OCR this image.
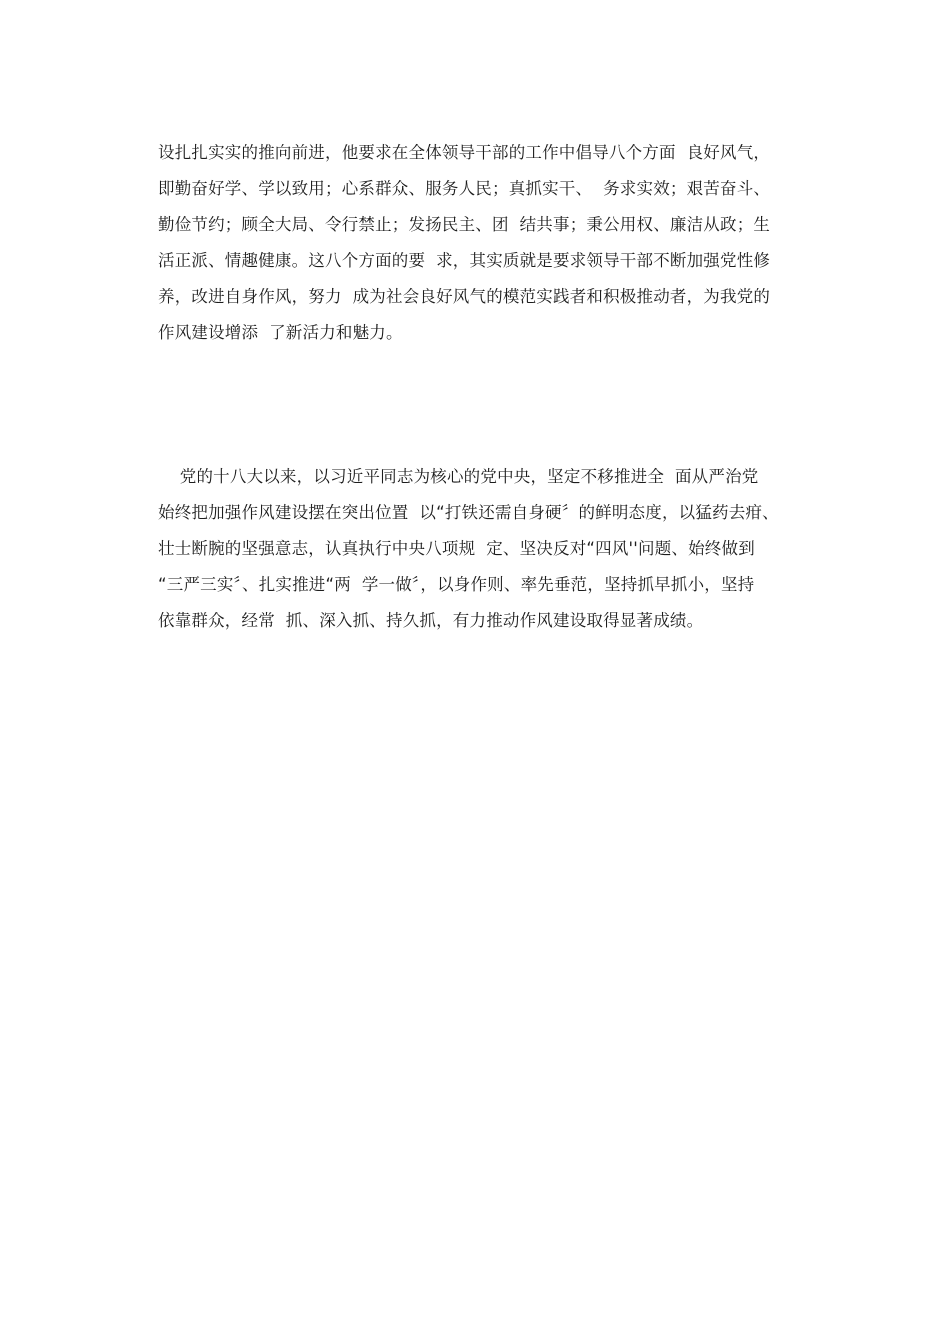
设扎扎实实的推向前进，他要求在全体领导干部的工作中倡导八个方面  良好风气，
即勤奋好学、学以致用；心系群众、服务人民；真抓实干、  务求实效；艰苦奋斗、
勤俭节约；顾全大局、令行禁止；发扬民主、团  结共事；秉公用权、廉洁从政；生
活正派、情趣健康。这八个方面的要  求，其实质就是要求领导干部不断加强党性修
养，改进自身作风，努力  成为社会良好风气的模范实践者和积极推动者，为我党的
作风建设增添  了新活力和魅力。

党的十八大以来，以习近平同志为核心的党中央，坚定不移推进全  面从严治党
始终把加强作风建设摆在突出位置  以“打铁还需自身硬〞的鲜明态度，以猛药去疳、
壮士断腕的坚强意志，认真执行中央八项规  定、坚决反对“四风''问题、始终做到
“三严三实〞、扎实推进“两  学一做〞，以身作则、率先垂范，坚持抓早抓小，坚持
依靠群众，经常  抓、深入抓、持久抓，有力推动作风建设取得显著成绩。
